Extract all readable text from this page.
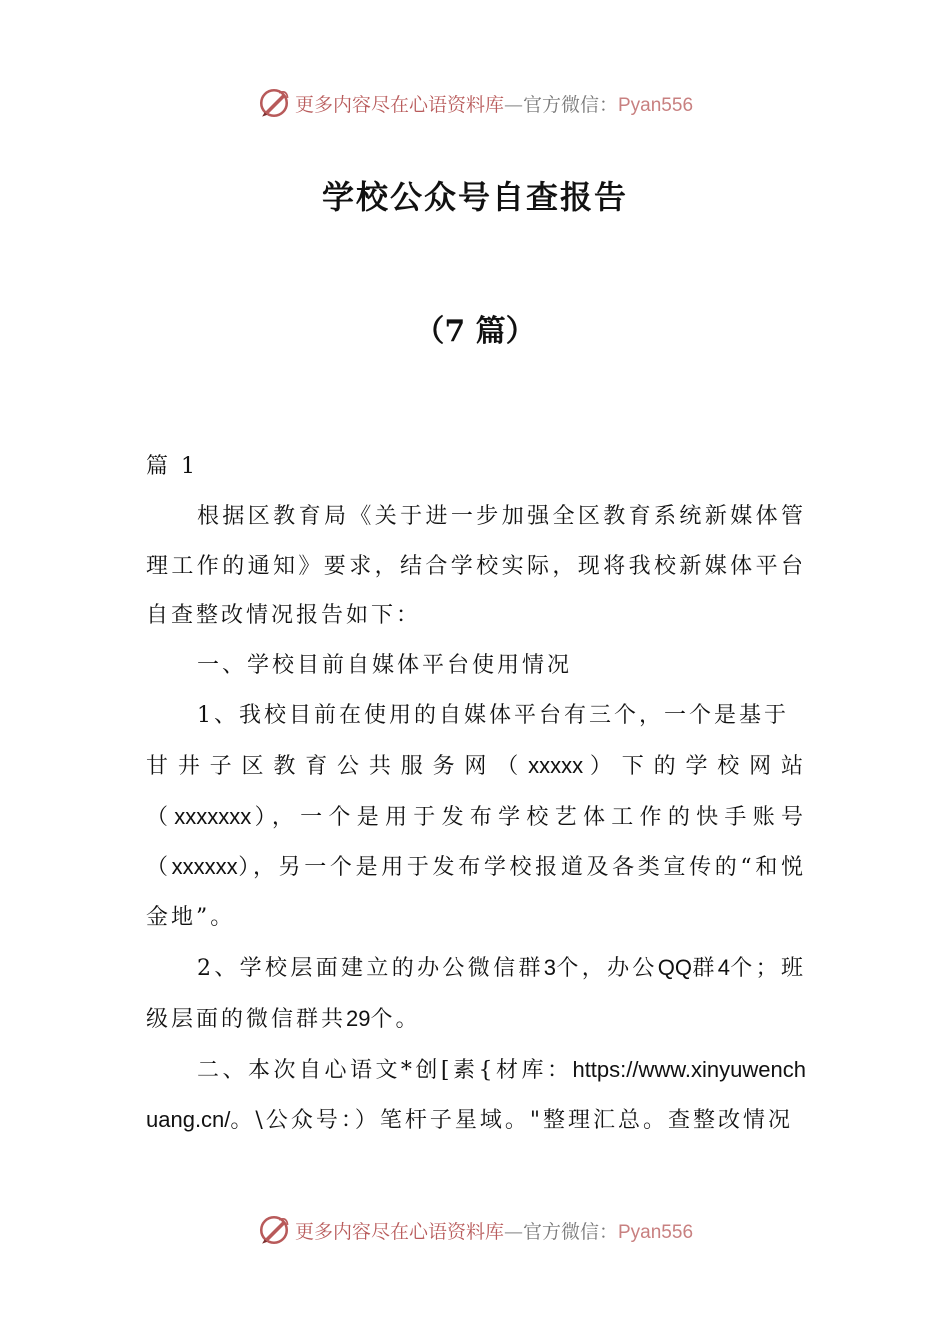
更多内容尽在心语资料库—官方微信：Pyan556
学校公众号自查报告
（7 篇）

篇 1

根据区教育局《关于进一步加强全区教育系统新媒体管理工作的通知》要求，结合学校实际，现将我校新媒体平台自查整改情况报告如下：

一、学校目前自媒体平台使用情况

1、我校目前在使用的自媒体平台有三个，一个是基于

甘井子区教育公共服务网（xxxxx）下的学校网站

（xxxxxxx），一个是用于发布学校艺体工作的快手账号

（xxxxxx），另一个是用于发布学校报道及各类宣传的“和悦金地”。

2、学校层面建立的办公微信群3个，办公QQ群4个；班级层面的微信群共29个。

二、本次自心语文*创[素{材库：https://www.xinyuwenchuang.cn/。\公众号：）笔杆子星域。"整理汇总。查整改情况

更多内容尽在心语资料库—官方微信：Pyan556
